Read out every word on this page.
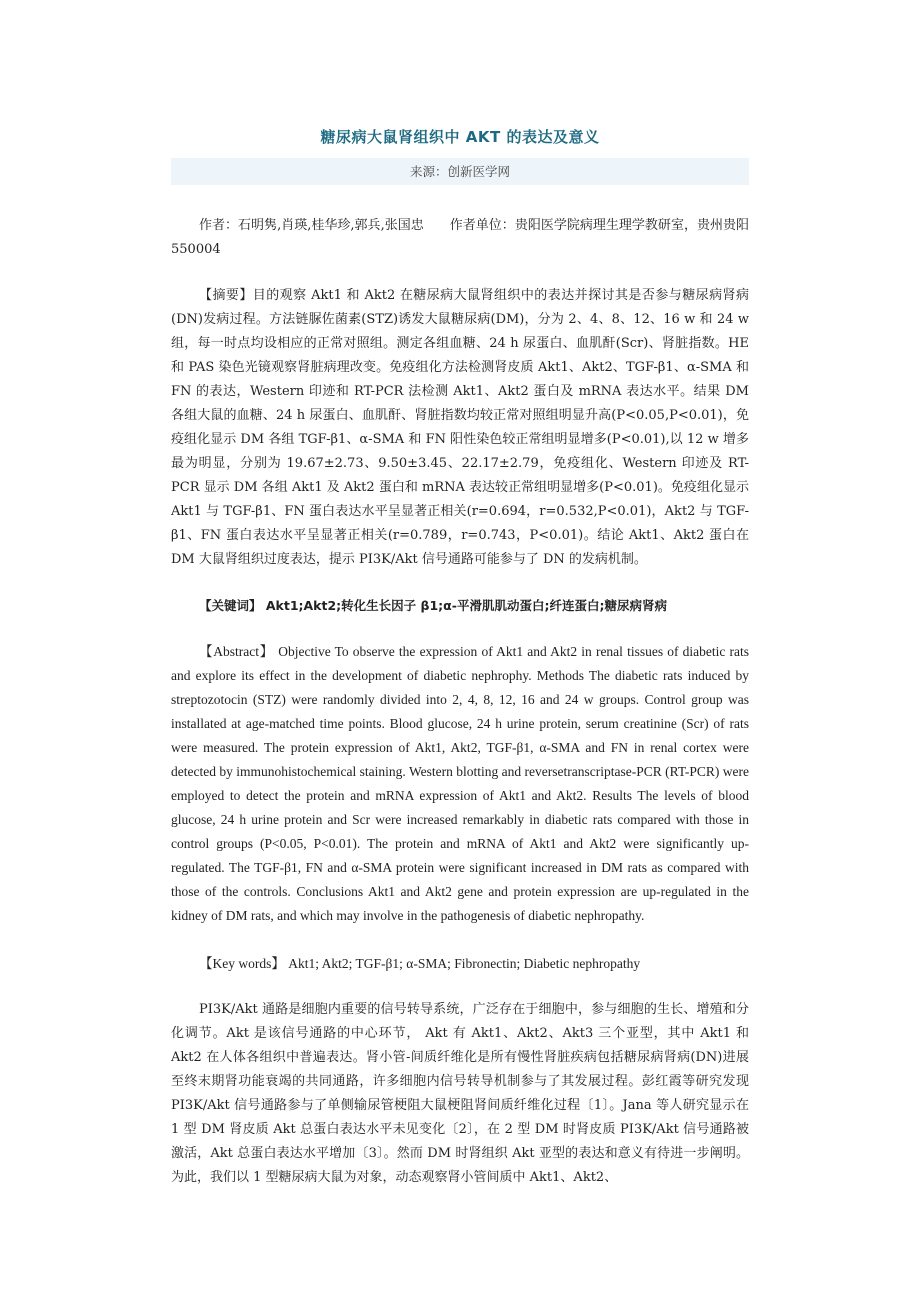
糖尿病大鼠肾组织中 AKT 的表达及意义
来源：创新医学网
作者：石明隽,肖瑛,桂华珍,郭兵,张国忠　　作者单位：贵阳医学院病理生理学教研室，贵州贵阳 550004
【摘要】目的观察 Akt1 和 Akt2 在糖尿病大鼠肾组织中的表达并探讨其是否参与糖尿病肾病(DN)发病过程。方法链脲佐菌素(STZ)诱发大鼠糖尿病(DM)，分为 2、4、8、12、16 w 和 24 w 组，每一时点均设相应的正常对照组。测定各组血糖、24 h 尿蛋白、血肌酐(Scr)、肾脏指数。HE 和 PAS 染色光镜观察肾脏病理改变。免疫组化方法检测肾皮质 Akt1、Akt2、TGF-β1、α-SMA 和 FN 的表达，Western 印迹和 RT-PCR 法检测 Akt1、Akt2 蛋白及 mRNA 表达水平。结果 DM 各组大鼠的血糖、24 h 尿蛋白、血肌酐、肾脏指数均较正常对照组明显升高(P<0.05,P<0.01)，免疫组化显示 DM 各组 TGF-β1、α-SMA 和 FN 阳性染色较正常组明显增多(P<0.01),以 12 w 增多最为明显，分别为 19.67±2.73、9.50±3.45、22.17±2.79，免疫组化、Western 印迹及 RT-PCR 显示 DM 各组 Akt1 及 Akt2 蛋白和 mRNA 表达较正常组明显增多(P<0.01)。免疫组化显示 Akt1 与 TGF-β1、FN 蛋白表达水平呈显著正相关(r=0.694，r=0.532,P<0.01)，Akt2 与 TGF-β1、FN 蛋白表达水平呈显著正相关(r=0.789，r=0.743，P<0.01)。结论 Akt1、Akt2 蛋白在 DM 大鼠肾组织过度表达，提示 PI3K/Akt 信号通路可能参与了 DN 的发病机制。
【关键词】 Akt1;Akt2;转化生长因子 β1;α-平滑肌肌动蛋白;纤连蛋白;糖尿病肾病
【Abstract】 Objective To observe the expression of Akt1 and Akt2 in renal tissues of diabetic rats and explore its effect in the development of diabetic nephrophy. Methods The diabetic rats induced by streptozotocin (STZ) were randomly divided into 2, 4, 8, 12, 16 and 24 w groups. Control group was installated at age-matched time points. Blood glucose, 24 h urine protein, serum creatinine (Scr) of rats were measured. The protein expression of Akt1, Akt2, TGF-β1, α-SMA and FN in renal cortex were detected by immunohistochemical staining. Western blotting and reversetranscriptase-PCR (RT-PCR) were employed to detect the protein and mRNA expression of Akt1 and Akt2. Results The levels of blood glucose, 24 h urine protein and Scr were increased remarkably in diabetic rats compared with those in control groups (P<0.05, P<0.01). The protein and mRNA of Akt1 and Akt2 were significantly up-regulated. The TGF-β1, FN and α-SMA protein were significant increased in DM rats as compared with those of the controls. Conclusions Akt1 and Akt2 gene and protein expression are up-regulated in the kidney of DM rats, and which may involve in the pathogenesis of diabetic nephropathy.
【Key words】 Akt1; Akt2; TGF-β1; α-SMA; Fibronectin; Diabetic nephropathy
PI3K/Akt 通路是细胞内重要的信号转导系统，广泛存在于细胞中，参与细胞的生长、增殖和分化调节。Akt 是该信号通路的中心环节， Akt 有 Akt1、Akt2、Akt3 三个亚型，其中 Akt1 和 Akt2 在人体各组织中普遍表达。肾小管-间质纤维化是所有慢性肾脏疾病包括糖尿病肾病(DN)进展至终末期肾功能衰竭的共同通路，许多细胞内信号转导机制参与了其发展过程。彭红霞等研究发现 PI3K/Akt 信号通路参与了单侧输尿管梗阻大鼠梗阻肾间质纤维化过程〔1〕。Jana 等人研究显示在 1 型 DM 肾皮质 Akt 总蛋白表达水平未见变化〔2〕，在 2 型 DM 时肾皮质 PI3K/Akt 信号通路被激活，Akt 总蛋白表达水平增加〔3〕。然而 DM 时肾组织 Akt 亚型的表达和意义有待进一步阐明。为此，我们以 1 型糖尿病大鼠为对象，动态观察肾小管间质中 Akt1、Akt2、
